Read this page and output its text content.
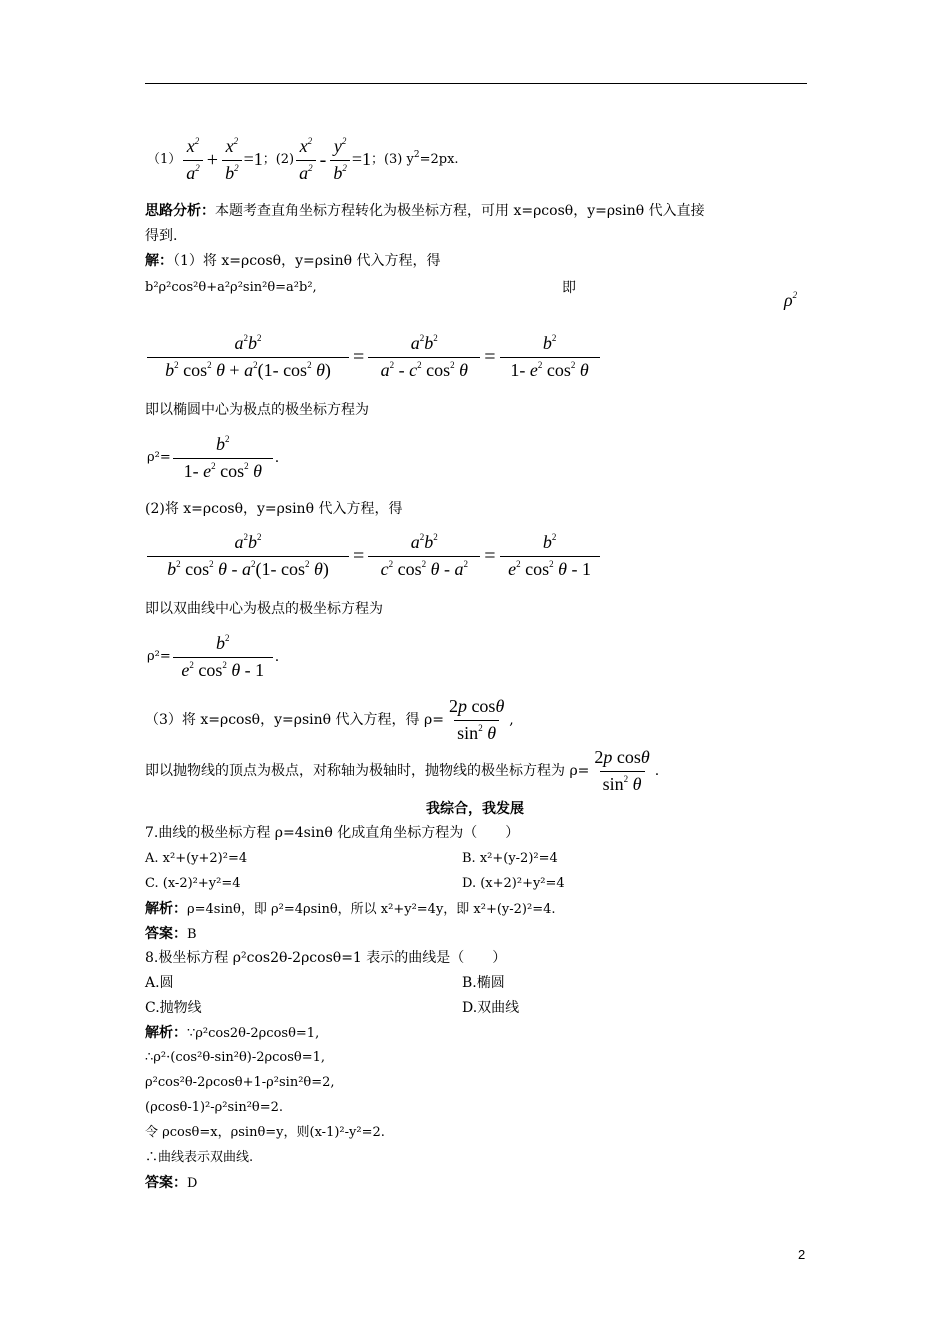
$(1) \frac{x^2}{a^2} + \frac{x^2}{b^2} =1$ ；$(2) \frac{x^2}{a^2} - \frac{y^2}{b^2} =1$ ；(3) $y^2=2px$.
思路分析：本题考查直角坐标方程转化为极坐标方程，可用 x=ρcosθ，y=ρsinθ 代入直接
得到.
解：（1）将 x=ρcosθ，y=ρsinθ 代入方程，得
b²ρ²cos²θ+a²ρ²sin²θ=a²b²,	即
$\rho^2$
$\frac{a^2b^2}{b^2 \cos^2 \theta + a^2(1- \cos^2 \theta)} = \frac{a^2b^2}{a^2 - c^2 \cos^2 \theta} = \frac{b^2}{1- e^2 \cos^2 \theta}$
即以椭圆中心为极点的极坐标方程为
$\rho^2= \frac{b^2}{1- e^2 \cos^2 \theta}$ .
(2)将 x=ρcosθ，y=ρsinθ 代入方程，得
$\frac{a^2b^2}{b^2 \cos^2 \theta - a^2(1- \cos^2 \theta)} = \frac{a^2b^2}{c^2 \cos^2 \theta - a^2} = \frac{b^2}{e^2 \cos^2 \theta - 1}$
即以双曲线中心为极点的极坐标方程为
$\rho^2= \frac{b^2}{e^2 \cos^2 \theta - 1}$ .
（3）将 x=ρcosθ，y=ρsinθ 代入方程，得 $\rho= \frac{\text{2p cosθ}}{\sin^2 \theta}$ ,
即以抛物线的顶点为极点，对称轴为极轴时，抛物线的极坐标方程为 $\rho= \frac{\text{2p cosθ}}{\sin^2 \theta}$ .
我综合，我发展
7.曲线的极坐标方程 ρ=4sinθ 化成直角坐标方程为（　　）
A. x²+(y+2)²=4	B. x²+(y-2)²=4
C. (x-2)²+y²=4	D. (x+2)²+y²=4
解析：ρ=4sinθ，即 ρ²=4ρsinθ，所以 x²+y²=4y，即 x²+(y-2)²=4.
答案：B
8.极坐标方程 ρ²cos2θ-2ρcosθ=1 表示的曲线是（　　）
A.圆	B.椭圆
C.抛物线	D.双曲线
解析：∵ρ²cos2θ-2ρcosθ=1,
∴ρ²·(cos²θ-sin²θ)-2ρcosθ=1,
ρ²cos²θ-2ρcosθ+1-ρ²sin²θ=2,
(ρcosθ-1)²-ρ²sin²θ=2.
令 ρcosθ=x，ρsinθ=y，则(x-1)²-y²=2.
∴曲线表示双曲线.
答案：D
2
